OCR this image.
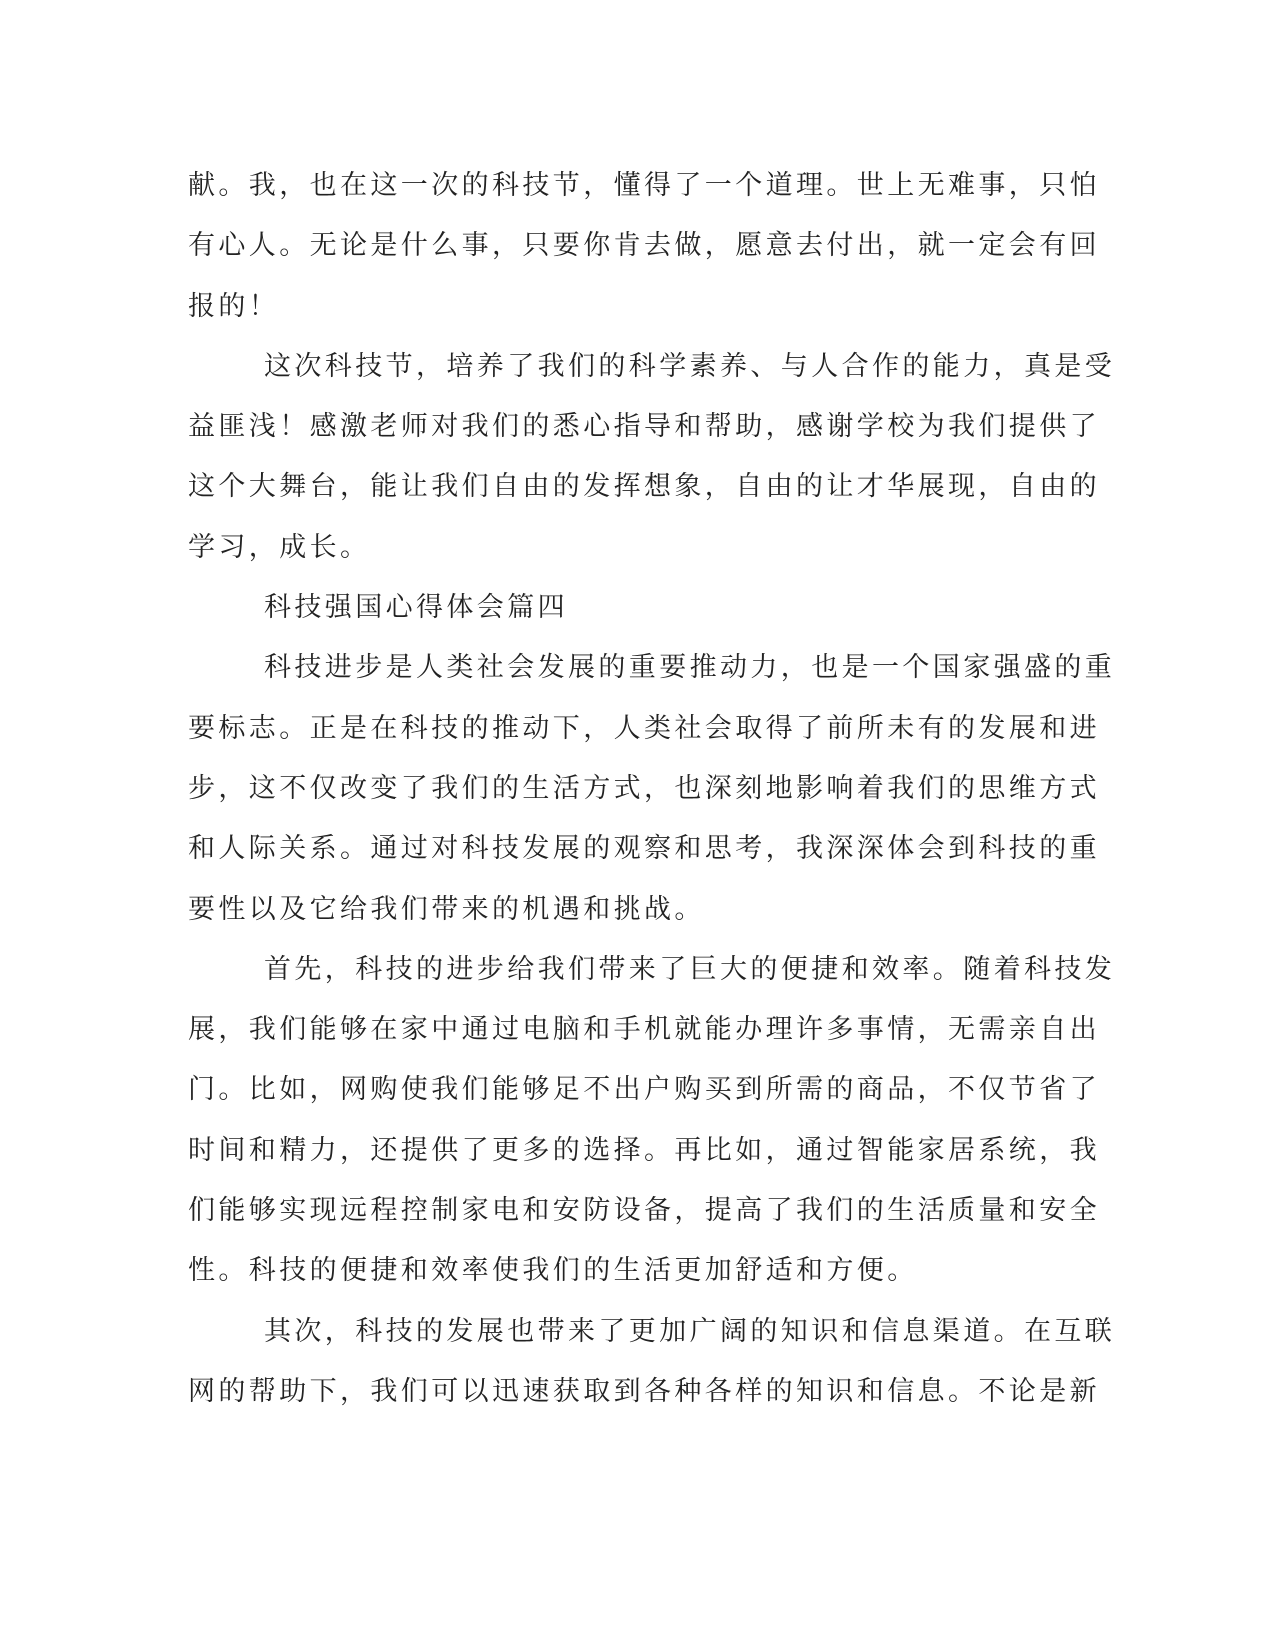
献。我，也在这一次的科技节，懂得了一个道理。世上无难事，只怕
有心人。无论是什么事，只要你肯去做，愿意去付出，就一定会有回
报的！
这次科技节，培养了我们的科学素养、与人合作的能力，真是受
益匪浅！感激老师对我们的悉心指导和帮助，感谢学校为我们提供了
这个大舞台，能让我们自由的发挥想象，自由的让才华展现，自由的
学习，成长。
科技强国心得体会篇四
科技进步是人类社会发展的重要推动力，也是一个国家强盛的重
要标志。正是在科技的推动下，人类社会取得了前所未有的发展和进
步，这不仅改变了我们的生活方式，也深刻地影响着我们的思维方式
和人际关系。通过对科技发展的观察和思考，我深深体会到科技的重
要性以及它给我们带来的机遇和挑战。
首先，科技的进步给我们带来了巨大的便捷和效率。随着科技发
展，我们能够在家中通过电脑和手机就能办理许多事情，无需亲自出
门。比如，网购使我们能够足不出户购买到所需的商品，不仅节省了
时间和精力，还提供了更多的选择。再比如，通过智能家居系统，我
们能够实现远程控制家电和安防设备，提高了我们的生活质量和安全
性。科技的便捷和效率使我们的生活更加舒适和方便。
其次，科技的发展也带来了更加广阔的知识和信息渠道。在互联
网的帮助下，我们可以迅速获取到各种各样的知识和信息。不论是新
